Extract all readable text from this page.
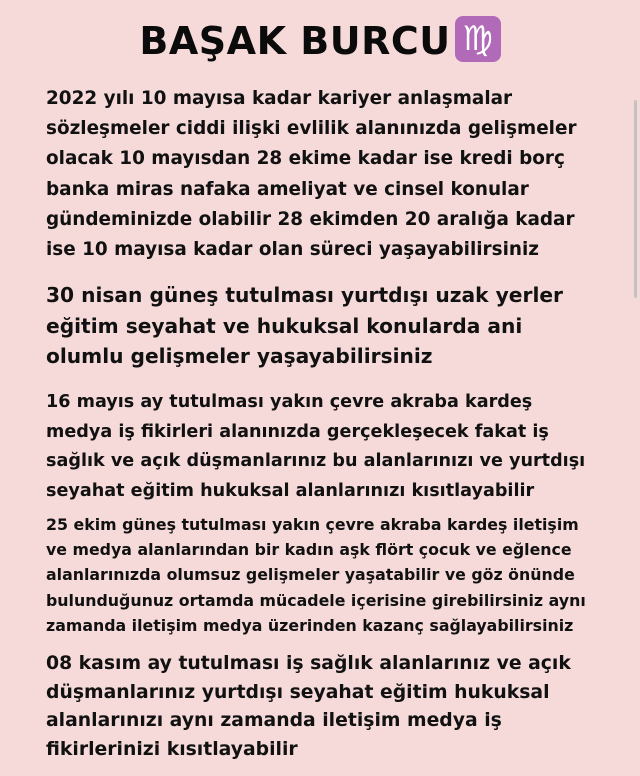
BAŞAK BURCU ♍
2022 yılı 10 mayısa kadar kariyer anlaşmalar
sözleşmeler ciddi ilişki evlilik alanınızda gelişmeler
olacak 10 mayısdan 28 ekime kadar ise kredi borç
banka miras nafaka ameliyat ve cinsel konular
gündeminizde olabilir 28 ekimden 20 aralığa kadar
ise 10 mayısa kadar olan süreci yaşayabilirsiniz
30 nisan güneş tutulması yurtdışı uzak yerler
eğitim seyahat ve hukuksal konularda ani
olumlu gelişmeler yaşayabilirsiniz
16 mayıs ay tutulması yakın çevre akraba kardeş
medya iş fikirleri alanınızda gerçekleşecek fakat iş
sağlık ve açık düşmanlarınız bu alanlarınızı ve yurtdışı
seyahat eğitim hukuksal alanlarınızı kısıtlayabilir
25 ekim güneş tutulması yakın çevre akraba kardeş iletişim
ve medya alanlarından bir kadın aşk flört çocuk ve eğlence
alanlarınızda olumsuz gelişmeler yaşatabilir ve göz önünde
bulunduğunuz ortamda mücadele içerisine girebilirsiniz aynı
zamanda iletişim medya üzerinden kazanç sağlayabilirsiniz
08 kasım ay tutulması iş sağlık alanlarınız ve açık
düşmanlarınız yurtdışı seyahat eğitim hukuksal
alanlarınızı aynı zamanda iletişim medya iş
fikirlerinizi kısıtlayabilir
